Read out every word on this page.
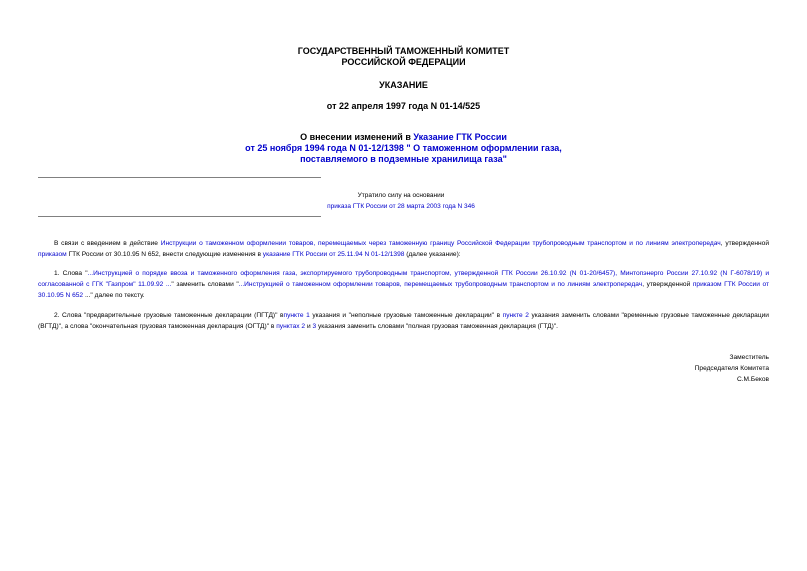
ГОСУДАРСТВЕННЫЙ ТАМОЖЕННЫЙ КОМИТЕТ
РОССИЙСКОЙ ФЕДЕРАЦИИ
УКАЗАНИЕ
от 22 апреля 1997 года N 01-14/525
О внесении изменений в Указание ГТК России
от 25 ноября 1994 года N 01-12/1398 " О таможенном оформлении газа,
поставляемого в подземные хранилища газа"
Утратило силу на основании
приказа ГТК России от 28 марта 2003 года N 346
В связи с введением в действие Инструкции о таможенном оформлении товаров, перемещаемых через таможенную границу Российской Федерации трубопроводным транспортом и по линиям электропередач, утвержденной приказом ГТК России от 30.10.95 N 652, внести следующие изменения в указание ГТК России от 25.11.94 N 01-12/1398 (далее указание):
1. Слова "...Инструкцией о порядке ввоза и таможенного оформления газа, экспортируемого трубопроводным транспортом, утвержденной ГТК России 26.10.92 (N 01-20/6457), Минтопэнерго России 27.10.92 (N Г-6078/19) и согласованной с ГГК "Газпром" 11.09.92 ..." заменить словами "...Инструкцией о таможенном оформлении товаров, перемещаемых трубопроводным транспортом и по линиям электропередач, утвержденной приказом ГТК России от 30.10.95 N 652 ..." далее по тексту.
2. Слова "предварительные грузовые таможенные декларации (ПГТД)" впункте 1 указания и "неполные грузовые таможенные декларации" в пункте 2 указания заменить словами "временные грузовые таможенные декларации (ВГТД)", а слова "окончательная грузовая таможенная декларация (ОГТД)" в пунктах 2 и 3 указания заменить словами "полная грузовая таможенная декларация (ГТД)".
Заместитель
Председателя Комитета
С.М.Беков
